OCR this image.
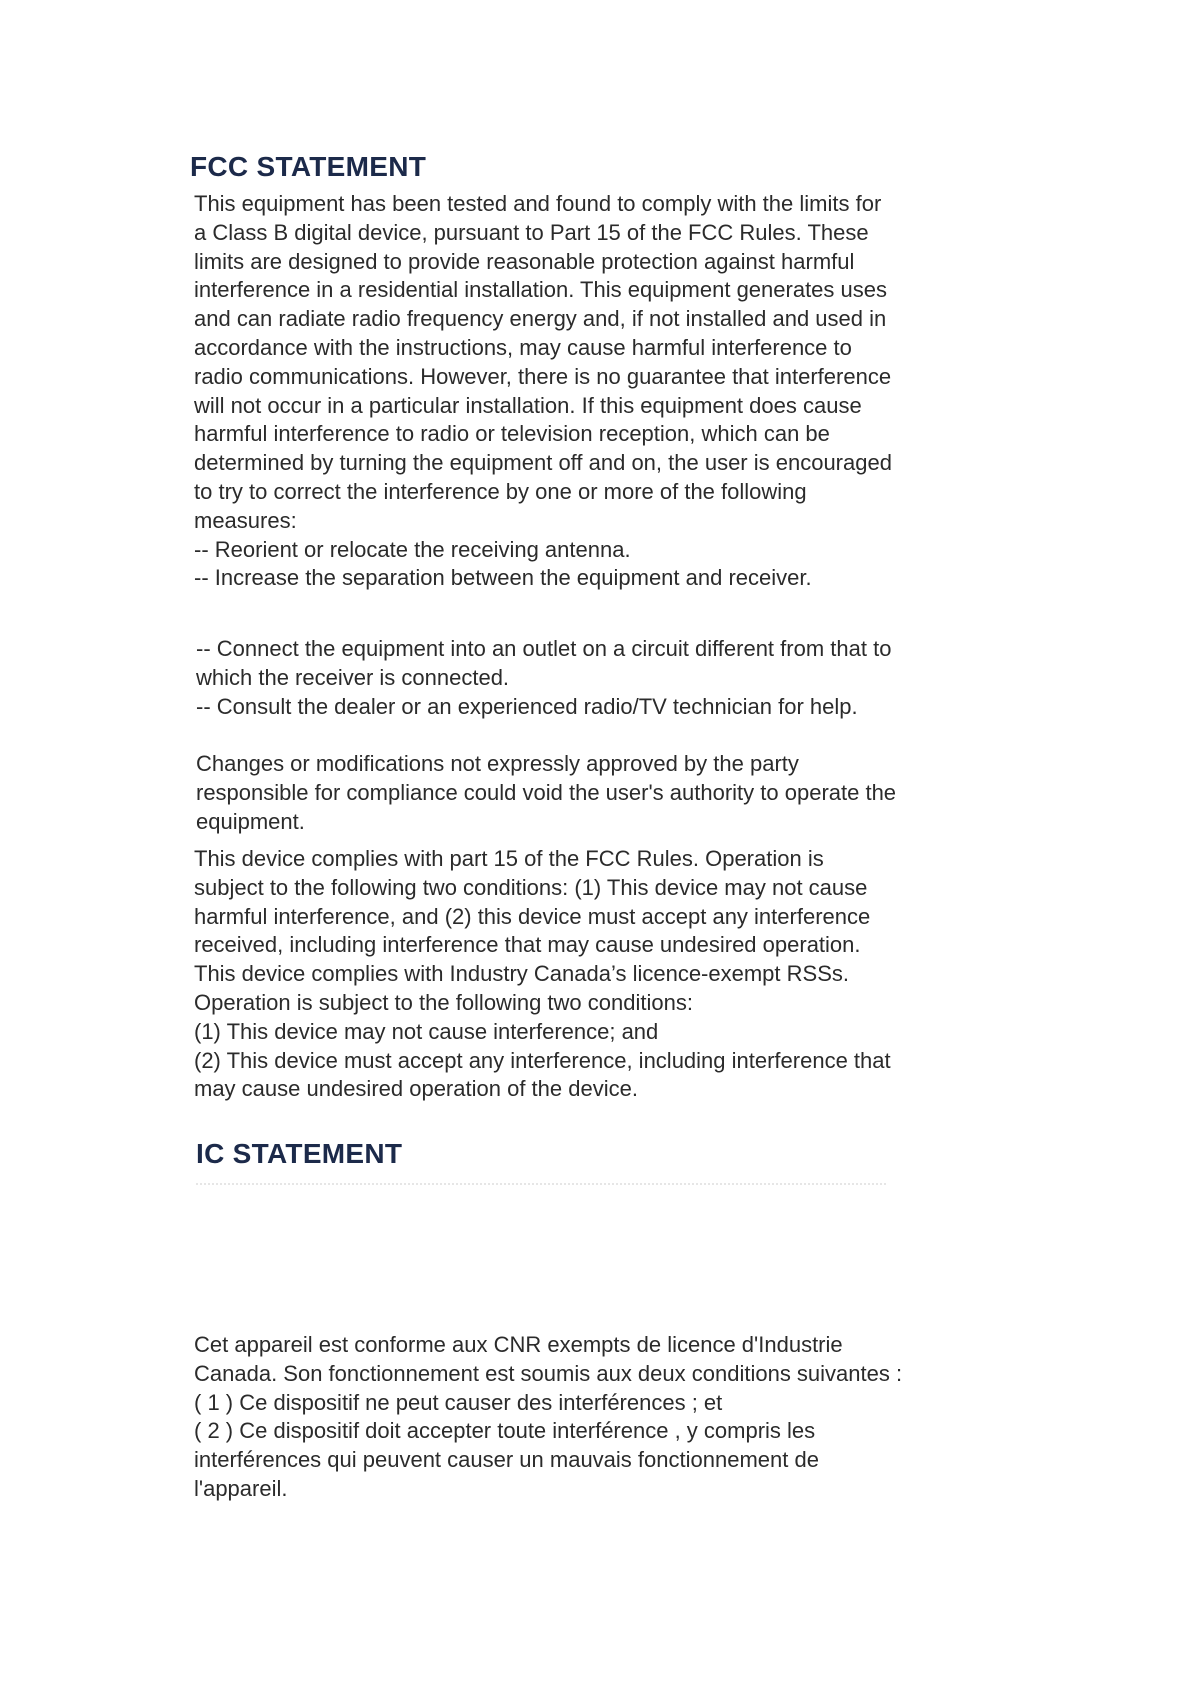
FCC STATEMENT
This equipment has been tested and found to comply with the limits for
a Class B digital device, pursuant to Part 15 of the FCC Rules. These
limits are designed to provide reasonable protection against harmful
interference in a residential installation. This equipment generates uses
and can radiate radio frequency energy and, if not installed and used in
accordance with the instructions, may cause harmful interference to
radio communications. However, there is no guarantee that interference
will not occur in a particular installation. If this equipment does cause
harmful interference to radio or television reception, which can be
determined by turning the equipment off and on, the user is encouraged
to try to correct the interference by one or more of the following
measures:
-- Reorient or relocate the receiving antenna.
-- Increase the separation between the equipment and receiver.
-- Connect the equipment into an outlet on a circuit different from that to
which the receiver is connected.
-- Consult the dealer or an experienced radio/TV technician for help.
Changes or modifications not expressly approved by the party
responsible for compliance could void the user's authority to operate the
equipment.
This device complies with part 15 of the FCC Rules. Operation is
subject to the following two conditions: (1) This device may not cause
harmful interference, and (2) this device must accept any interference
received, including interference that may cause undesired operation.
This device complies with Industry Canada’s licence-exempt RSSs.
Operation is subject to the following two conditions:
(1) This device may not cause interference; and
(2) This device must accept any interference, including interference that
may cause undesired operation of the device.
IC STATEMENT
Cet appareil est conforme aux CNR exempts de licence d'Industrie
Canada. Son fonctionnement est soumis aux deux conditions suivantes :
( 1 ) Ce dispositif ne peut causer des interférences ; et
( 2 ) Ce dispositif doit accepter toute interférence , y compris les
interférences qui peuvent causer un mauvais fonctionnement de
l'appareil.
